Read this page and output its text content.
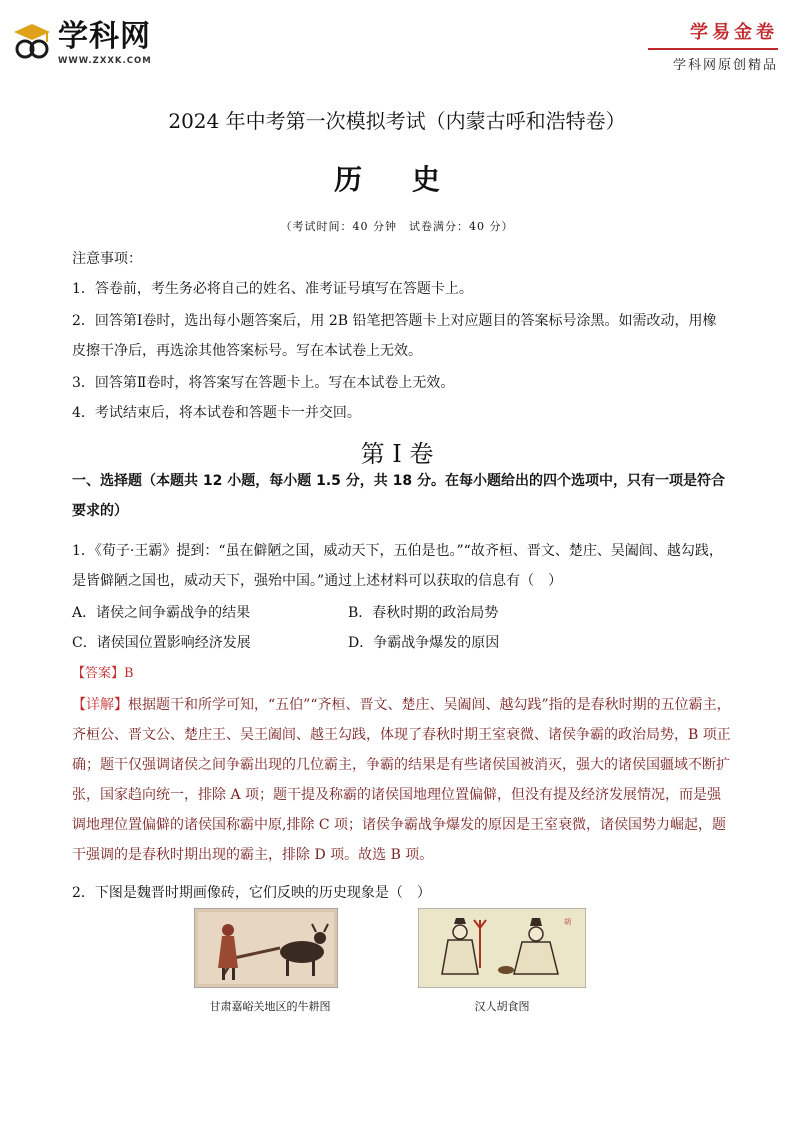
学科网
WWW.ZXXK.COM
学易金卷
学科网原创精品
2024 年中考第一次模拟考试（内蒙古呼和浩特卷）
历 史
（考试时间：40 分钟　试卷满分：40 分）
注意事项：
1．答卷前，考生务必将自己的姓名、准考证号填写在答题卡上。
2．回答第Ⅰ卷时，选出每小题答案后，用 2B 铅笔把答题卡上对应题目的答案标号涂黑。如需改动，用橡皮擦干净后，再选涂其他答案标号。写在本试卷上无效。
3．回答第Ⅱ卷时，将答案写在答题卡上。写在本试卷上无效。
4．考试结束后，将本试卷和答题卡一并交回。
第 I 卷
一、选择题（本题共 12 小题，每小题 1.5 分，共 18 分。在每小题给出的四个选项中，只有一项是符合要求的）
1．《荀子·王霸》提到：“虽在僻陋之国，威动天下，五伯是也。”“故齐桓、晋文、楚庄、吴阖闾、越勾践，是皆僻陋之国也，威动天下，强殆中国。”通过上述材料可以获取的信息有（　）
A．诸侯之间争霸战争的结果	B．春秋时期的政治局势
C．诸侯国位置影响经济发展	D．争霸战争爆发的原因
【答案】B
【详解】根据题干和所学可知，“五伯”“齐桓、晋文、楚庄、吴阖闾、越勾践”指的是春秋时期的五位霸主，齐桓公、晋文公、楚庄王、吴王阖闾、越王勾践，体现了春秋时期王室衰微、诸侯争霸的政治局势，B 项正确；题干仅强调诸侯之间争霸出现的几位霸主，争霸的结果是有些诸侯国被消灭，强大的诸侯国疆域不断扩张，国家趋向统一，排除 A 项；题干提及称霸的诸侯国地理位置偏僻，但没有提及经济发展情况，而是强调地理位置偏僻的诸侯国称霸中原,排除 C 项；诸侯争霸战争爆发的原因是王室衰微，诸侯国势力崛起，题干强调的是春秋时期出现的霸主，排除 D 项。故选 B 项。
2．下图是魏晋时期画像砖，它们反映的历史现象是（　）
胡
甘肃嘉峪关地区的牛耕图	汉人胡食图
